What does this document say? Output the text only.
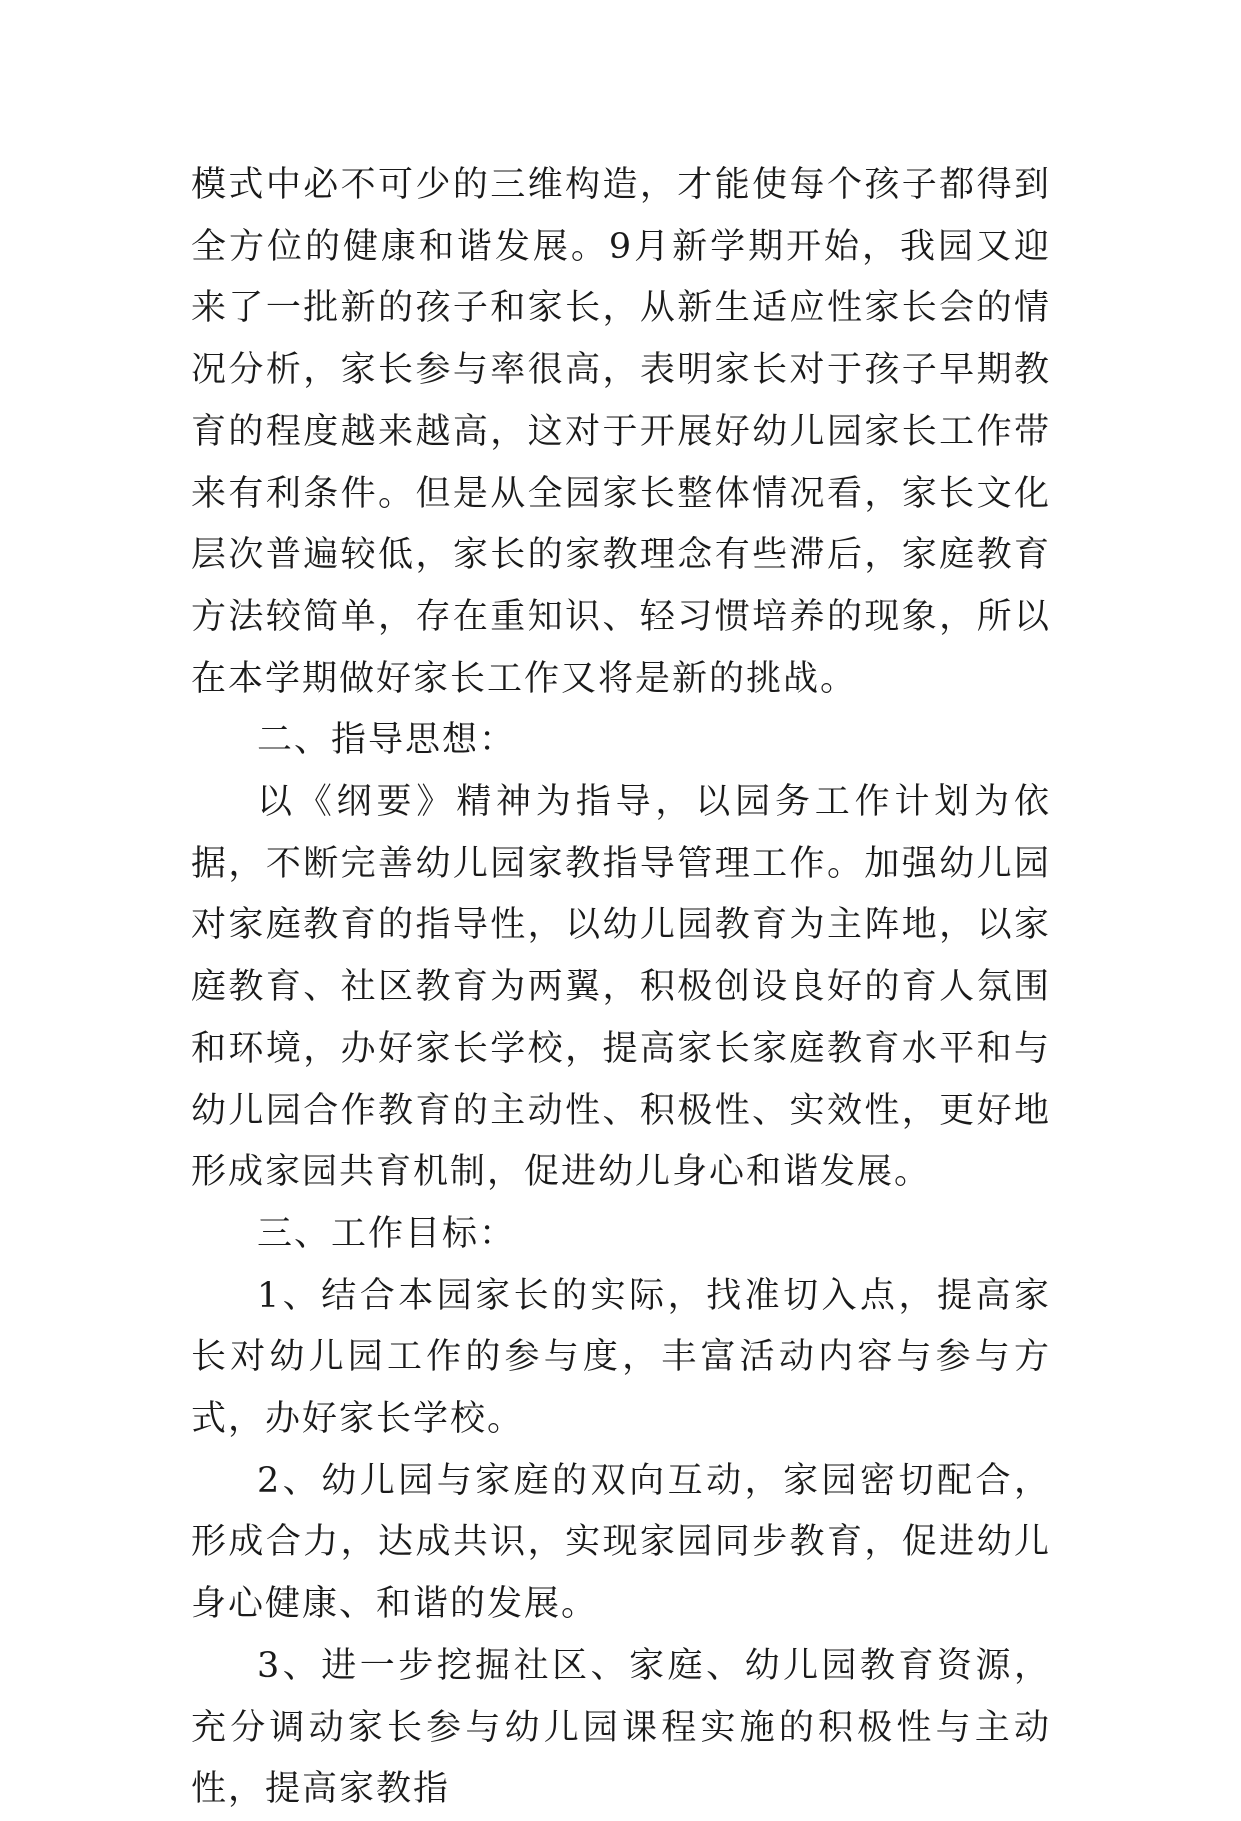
模式中必不可少的三维构造，才能使每个孩子都得到全方位的健康和谐发展。9月新学期开始，我园又迎来了一批新的孩子和家长，从新生适应性家长会的情况分析，家长参与率很高，表明家长对于孩子早期教育的程度越来越高，这对于开展好幼儿园家长工作带来有利条件。但是从全园家长整体情况看，家长文化层次普遍较低，家长的家教理念有些滞后，家庭教育方法较简单，存在重知识、轻习惯培养的现象，所以在本学期做好家长工作又将是新的挑战。

二、指导思想：

以《纲要》精神为指导，以园务工作计划为依据，不断完善幼儿园家教指导管理工作。加强幼儿园对家庭教育的指导性，以幼儿园教育为主阵地，以家庭教育、社区教育为两翼，积极创设良好的育人氛围和环境，办好家长学校，提高家长家庭教育水平和与幼儿园合作教育的主动性、积极性、实效性，更好地形成家园共育机制，促进幼儿身心和谐发展。

三、工作目标：

1、结合本园家长的实际，找准切入点，提高家长对幼儿园工作的参与度，丰富活动内容与参与方式，办好家长学校。

2、幼儿园与家庭的双向互动，家园密切配合，形成合力，达成共识，实现家园同步教育，促进幼儿身心健康、和谐的发展。

3、进一步挖掘社区、家庭、幼儿园教育资源，充分调动家长参与幼儿园课程实施的积极性与主动性，提高家教指
